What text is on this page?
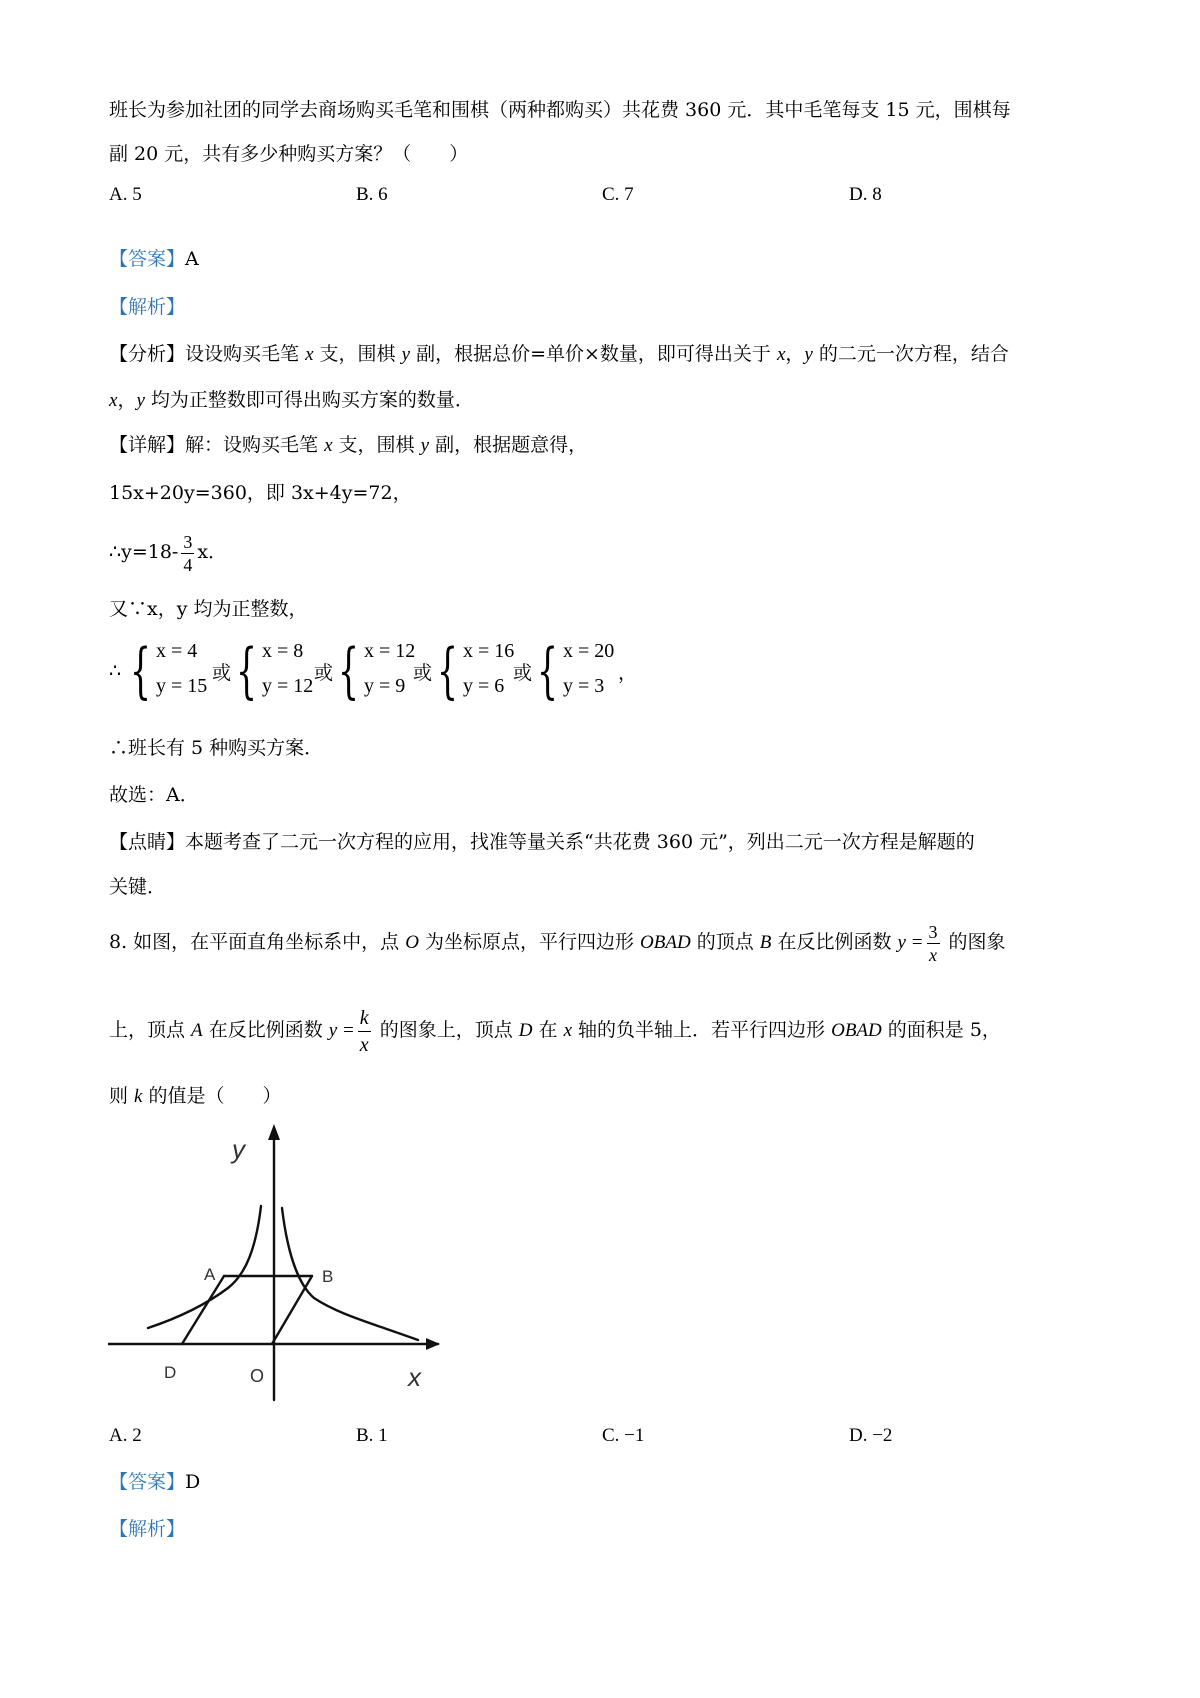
班长为参加社团的同学去商场购买毛笔和围棋（两种都购买）共花费 360 元．其中毛笔每支 15 元，围棋每
副 20 元，共有多少种购买方案？（　　）
A. 5	B. 6	C. 7	D. 8
【答案】A
【解析】
【分析】设设购买毛笔 x 支，围棋 y 副，根据总价=单价×数量，即可得出关于 x，y 的二元一次方程，结合
x，y 均为正整数即可得出购买方案的数量．
【详解】解：设购买毛笔 x 支，围棋 y 副，根据题意得，
15x+20y=360，即 3x+4y=72，
∴y=18- $\frac{3}{4}$ x．
又∵x，y 均为正整数，
∴ { x = 4
y = 15
或 { x = 8
y = 12
或 { x = 12
y = 9
或 { x = 16
y = 6
或 { x = 20
y = 3
，
∴班长有 5 种购买方案．
故选：A．
【点睛】本题考查了二元一次方程的应用，找准等量关系“共花费 360 元”，列出二元一次方程是解题的
关键．
8. 如图，在平面直角坐标系中，点 O 为坐标原点，平行四边形 OBAD 的顶点 B 在反比例函数 $y = \frac{3}{x}$ 的图象
上，顶点 A 在反比例函数 $y = \frac{k}{x}$ 的图象上，顶点 D 在 x 轴的负半轴上．若平行四边形 OBAD 的面积是 5，
则 k 的值是（　　）
y
x
A	B
D	O
A. 2	B. 1	C. −1	D. −2
【答案】D
【解析】
